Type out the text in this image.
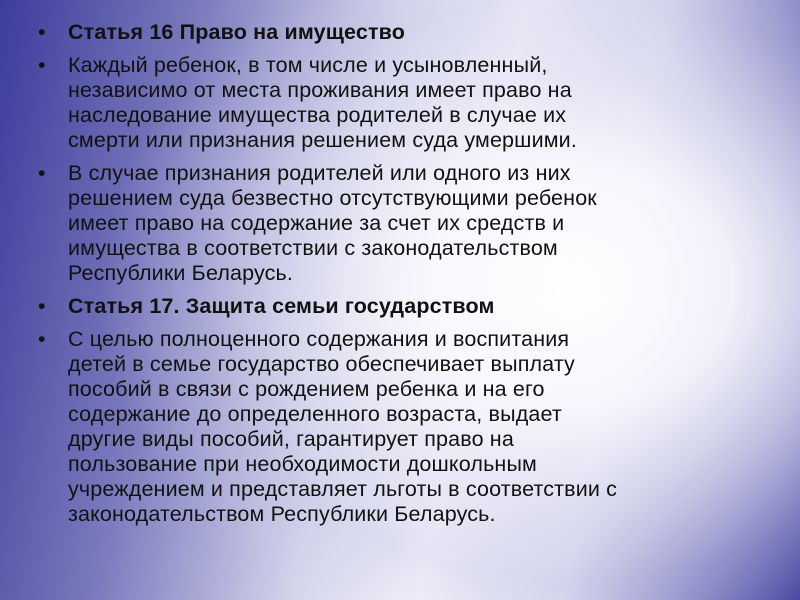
• Статья 16 Право на имущество
• Каждый ребенок, в том числе и усыновленный,
независимо от места проживания имеет право на
наследование имущества родителей в случае их
смерти или признания решением суда умершими.
• В случае признания родителей или одного из них
решением суда безвестно отсутствующими ребенок
имеет право на содержание за счет их средств и
имущества в соответствии с законодательством
Республики Беларусь.
• Статья 17. Защита семьи государством
• С целью полноценного содержания и воспитания
детей в семье государство обеспечивает выплату
пособий в связи с рождением ребенка и на его
содержание до определенного возраста, выдает
другие виды пособий, гарантирует право на
пользование при необходимости дошкольным
учреждением и представляет льготы в соответствии с
законодательством Республики Беларусь.
